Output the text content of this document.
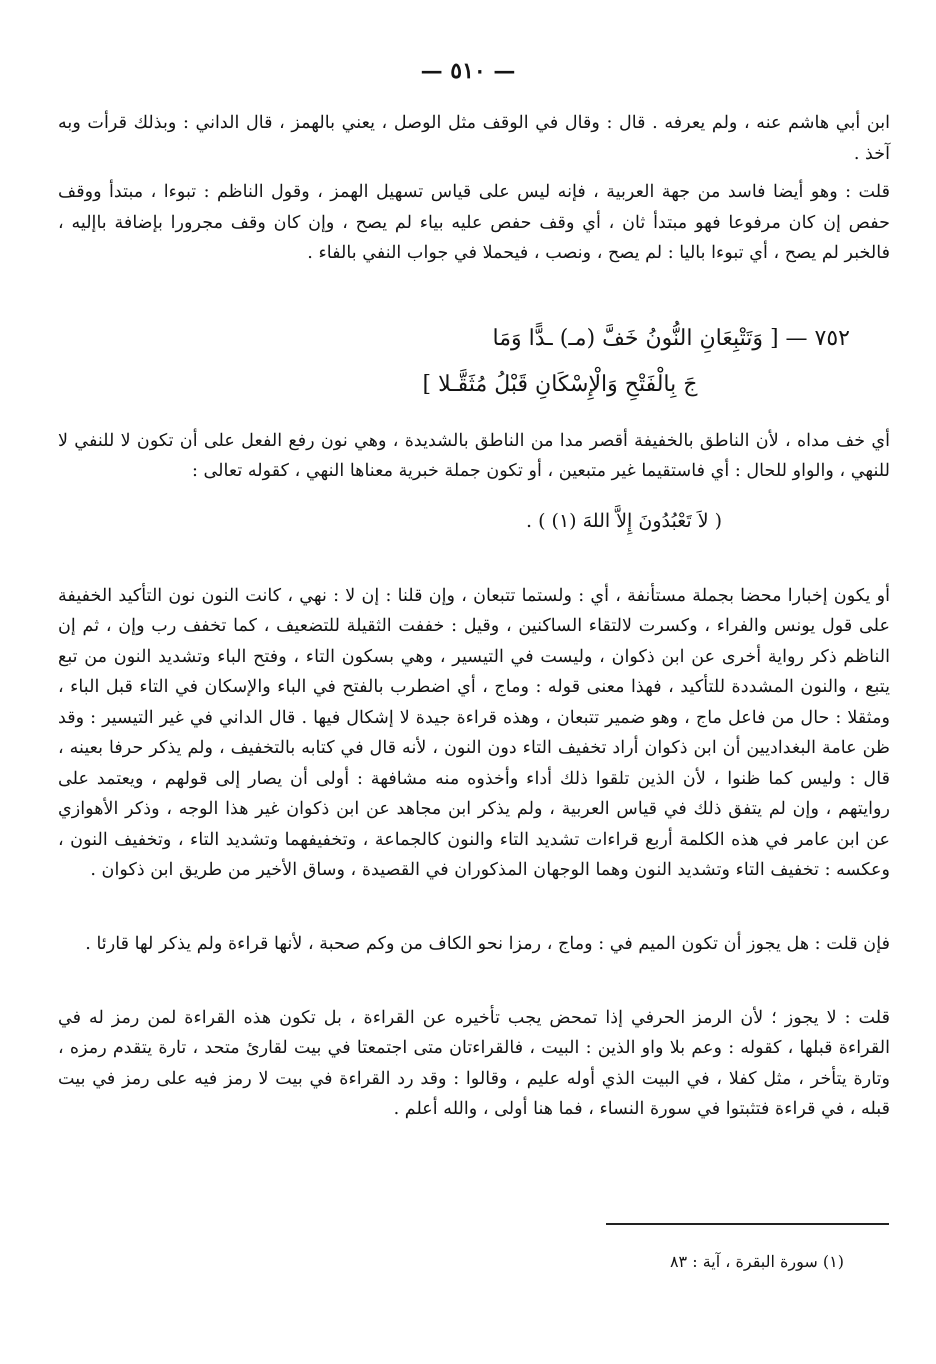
— ٥١٠ —

ابن أبي هاشم عنه ، ولم يعرفه . قال : وقال في الوقف مثل الوصل ، يعني بالهمز ، قال الداني : وبذلك قرأت وبه آخذ .

قلت : وهو أيضا فاسد من جهة العربية ، فإنه ليس على قياس تسهيل الهمز ، وقول الناظم : تبوءا ، مبتدأ ووقف حفص إن كان مرفوعا فهو مبتدأ ثان ، أي وقف حفص عليه بياء لم يصح ، وإن كان وقف مجرورا بإضافة باإليه ، فالخبر لم يصح ، أي تبوءا باليا : لم يصح ، ونصب ، فيحملا في جواب النفي بالفاء .

٧٥٢ — [ وَتَتْبِعَانِ النُّونُ خَفَّ (مـ) ـدًّا وَمَا
جَ بِالْفَتْحِ وَالْإِسْكَانِ قَبْلُ مُثَقَّـلا ]

أي خف مداه ، لأن الناطق بالخفيفة أقصر مدا من الناطق بالشديدة ، وهي نون رفع الفعل على أن تكون لا للنفي لا للنهي ، والواو للحال : أي فاستقيما غير متبعين ، أو تكون جملة خبرية معناها النهي ، كقوله تعالى :

( لاَ تَعْبُدُونَ إِلاَّ اللهَ (١) ) .

أو يكون إخبارا محضا بجملة مستأنفة ، أي : ولستما تتبعان ، وإن قلنا : إن لا : نهي ، كانت النون نون التأكيد الخفيفة على قول يونس والفراء ، وكسرت لالتقاء الساكنين ، وقيل : خففت الثقيلة للتضعيف ، كما تخفف رب وإن ، ثم إن الناظم ذكر رواية أخرى عن ابن ذكوان ، وليست في التيسير ، وهي بسكون التاء ، وفتح الباء وتشديد النون من تبع يتبع ، والنون المشددة للتأكيد ، فهذا معنى قوله : وماج ، أي اضطرب بالفتح في الباء والإسكان في التاء قبل الباء ، ومثقلا : حال من فاعل ماج ، وهو ضمير تتبعان ، وهذه قراءة جيدة لا إشكال فيها . قال الداني في غير التيسير : وقد ظن عامة البغداديين أن ابن ذكوان أراد تخفيف التاء دون النون ، لأنه قال في كتابه بالتخفيف ، ولم يذكر حرفا بعينه ، قال : وليس كما ظنوا ، لأن الذين تلقوا ذلك أداء وأخذوه منه مشافهة : أولى أن يصار إلى قولهم ، ويعتمد على روايتهم ، وإن لم يتفق ذلك في قياس العربية ، ولم يذكر ابن مجاهد عن ابن ذكوان غير هذا الوجه ، وذكر الأهوازي عن ابن عامر في هذه الكلمة أربع قراءات تشديد التاء والنون كالجماعة ، وتخفيفهما وتشديد التاء ، وتخفيف النون ، وعكسه : تخفيف التاء وتشديد النون وهما الوجهان المذكوران في القصيدة ، وساق الأخير من طريق ابن ذكوان .

فإن قلت : هل يجوز أن تكون الميم في : وماج ، رمزا نحو الكاف من وكم صحبة ، لأنها قراءة ولم يذكر لها قارئا .

قلت : لا يجوز ؛ لأن الرمز الحرفي إذا تمحض يجب تأخيره عن القراءة ، بل تكون هذه القراءة لمن رمز له في القراءة قبلها ، كقوله : وعم بلا واو الذين : البيت ، فالقراءتان متى اجتمعتا في بيت لقارئ متحد ، تارة يتقدم رمزه ، وتارة يتأخر ، مثل كفلا ، في البيت الذي أوله عليم ، وقالوا : وقد رد القراءة في بيت لا رمز فيه على رمز في بيت قبله ، في قراءة فتثبتوا في سورة النساء ، فما هنا أولى ، والله أعلم .

(١) سورة البقرة ، آية : ٨٣
